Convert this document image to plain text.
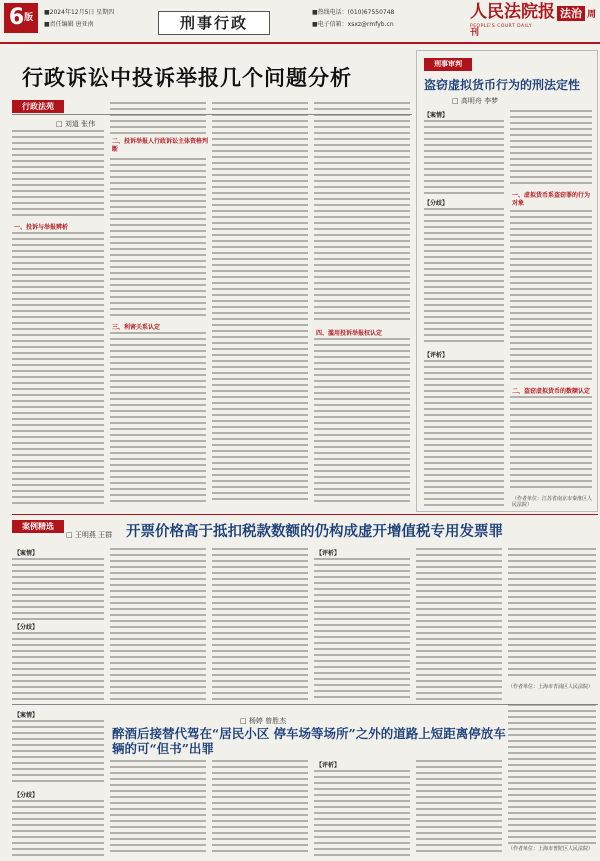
6版
■2024年12月5日 星期四
■责任编辑 唐亚南	刑事行政
■热线电话：(010)67550748
■电子信箱：xsxz@rmfyb.cn
人民法院报 法治 周刊
PEOPLE'S COURT DAILY
行政诉讼中投诉举报几个问题分析
行政法苑
□ 刘道 张伟
一、投诉与举报辨析
二、投诉举报人行政诉讼主体资格判断
三、利害关系认定
四、滥用投诉举报权认定
刑事审判
盗窃虚拟货币行为的刑法定性
□ 高明舟 李梦
【案情】
【分歧】
【评析】
一、虚拟货币系盗窃罪的行为对象
二、盗窃虚拟货币的数额认定
（作者单位：江苏省南京市秦淮区人民法院）
案例精选
□ 王明燕 王群 开票价格高于抵扣税款数额的仍构成虚开增值税专用发票罪
【案情】
【分歧】
【评析】
（作者单位：上海市青浦区人民法院）
【案情】
【分歧】
□ 杨婷 曾胜杰
醉酒后接替代驾在“居民小区 停车场等场所”之外的道路上短距离停放车辆的可“但书”出罪
【评析】
（作者单位：上海市普陀区人民法院）
